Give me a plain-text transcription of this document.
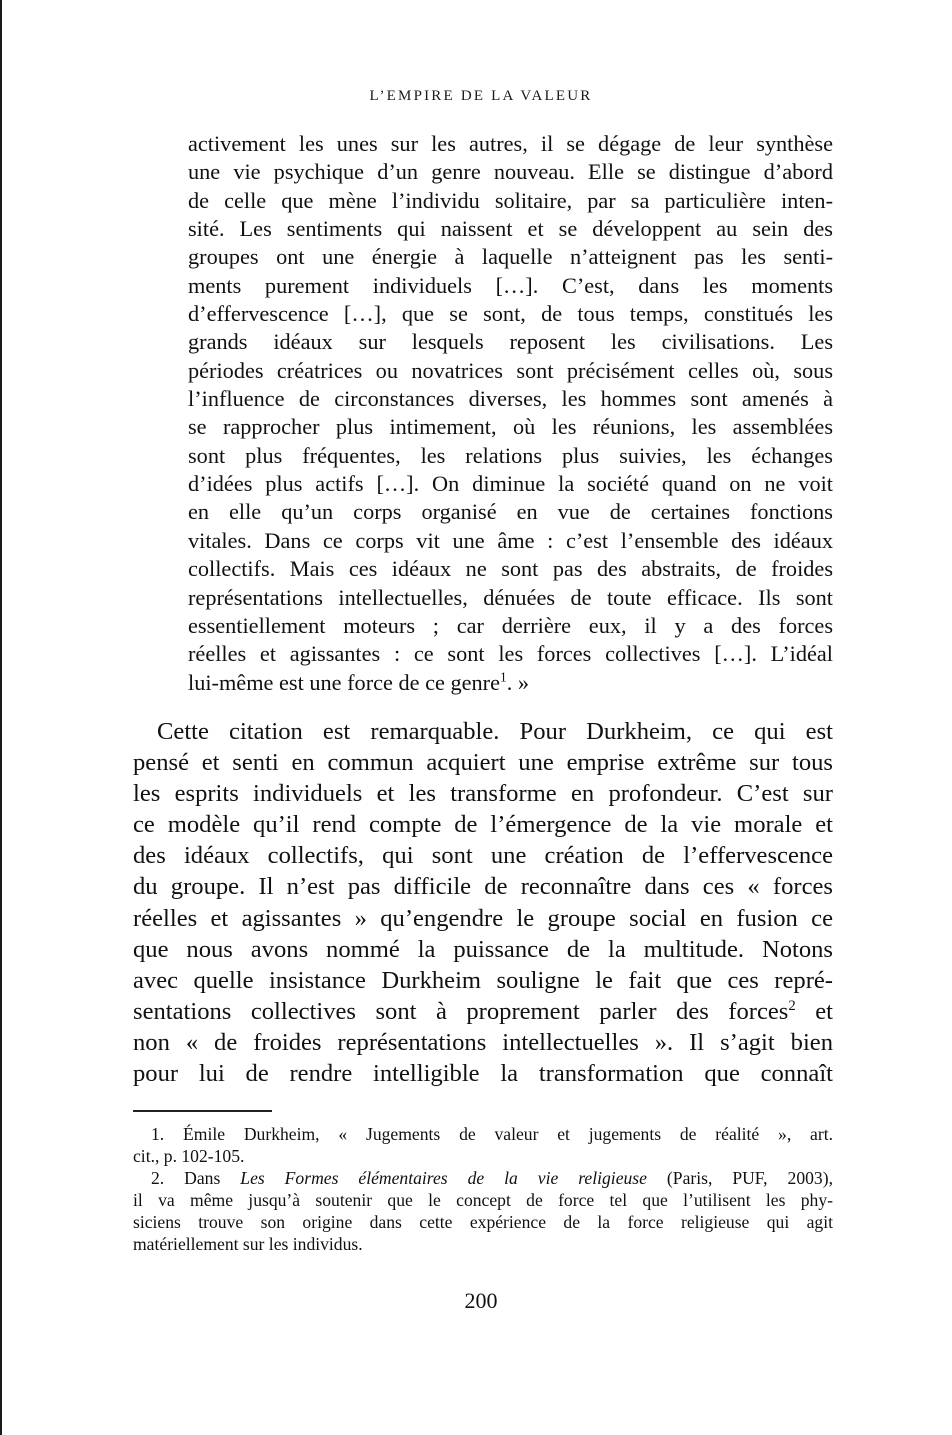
L’EMPIRE DE LA VALEUR
activement les unes sur les autres, il se dégage de leur synthèse
une vie psychique d’un genre nouveau. Elle se distingue d’abord
de celle que mène l’individu solitaire, par sa particulière inten-
sité. Les sentiments qui naissent et se développent au sein des
groupes ont une énergie à laquelle n’atteignent pas les senti-
ments purement individuels […]. C’est, dans les moments
d’effervescence […], que se sont, de tous temps, constitués les
grands idéaux sur lesquels reposent les civilisations. Les
périodes créatrices ou novatrices sont précisément celles où, sous
l’influence de circonstances diverses, les hommes sont amenés à
se rapprocher plus intimement, où les réunions, les assemblées
sont plus fréquentes, les relations plus suivies, les échanges
d’idées plus actifs […]. On diminue la société quand on ne voit
en elle qu’un corps organisé en vue de certaines fonctions
vitales. Dans ce corps vit une âme : c’est l’ensemble des idéaux
collectifs. Mais ces idéaux ne sont pas des abstraits, de froides
représentations intellectuelles, dénuées de toute efficace. Ils sont
essentiellement moteurs ; car derrière eux, il y a des forces
réelles et agissantes : ce sont les forces collectives […]. L’idéal
lui-même est une force de ce genre$^1$. »
Cette citation est remarquable. Pour Durkheim, ce qui est
pensé et senti en commun acquiert une emprise extrême sur tous
les esprits individuels et les transforme en profondeur. C’est sur
ce modèle qu’il rend compte de l’émergence de la vie morale et
des idéaux collectifs, qui sont une création de l’effervescence
du groupe. Il n’est pas difficile de reconnaître dans ces « forces
réelles et agissantes » qu’engendre le groupe social en fusion ce
que nous avons nommé la puissance de la multitude. Notons
avec quelle insistance Durkheim souligne le fait que ces repré-
sentations collectives sont à proprement parler des forces$^2$ et
non « de froides représentations intellectuelles ». Il s’agit bien
pour lui de rendre intelligible la transformation que connaît
1. Émile Durkheim, « Jugements de valeur et jugements de réalité », art.
cit., p. 102-105.
2. Dans Les Formes élémentaires de la vie religieuse (Paris, PUF, 2003),
il va même jusqu’à soutenir que le concept de force tel que l’utilisent les phy-
siciens trouve son origine dans cette expérience de la force religieuse qui agit
matériellement sur les individus.
200
